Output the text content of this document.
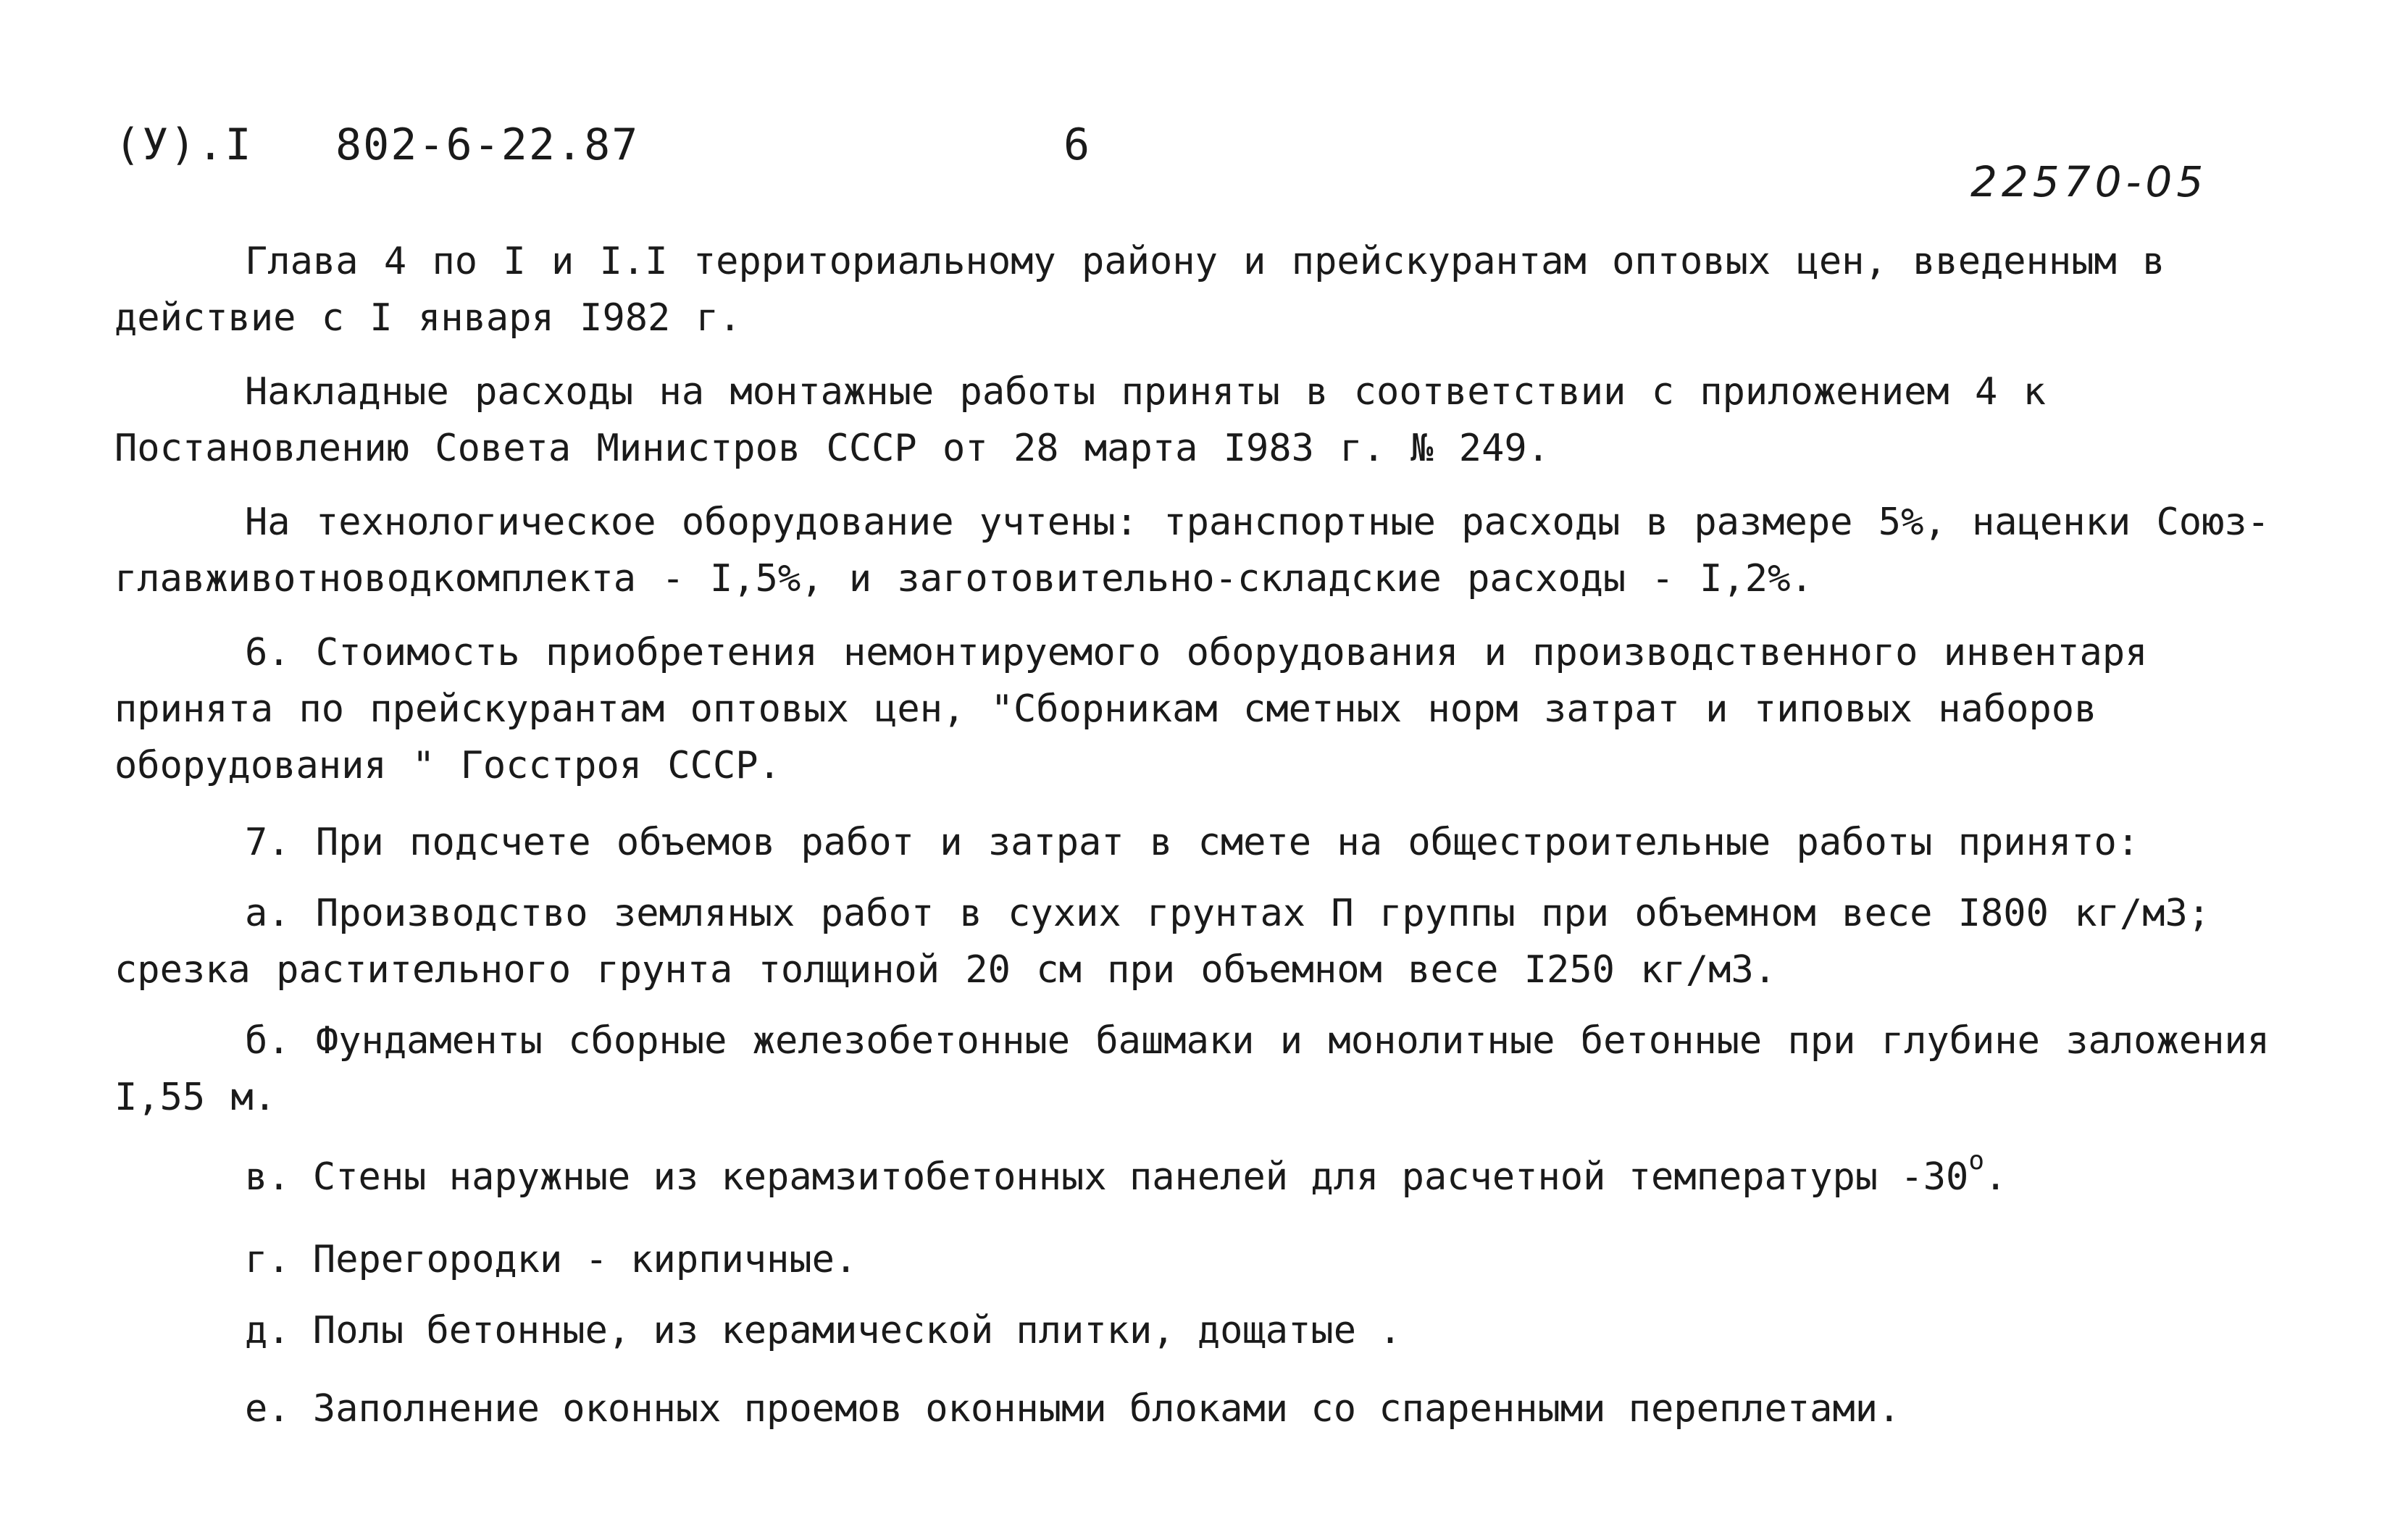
(У).I   802-6-22.87	6
22570-05
Глава 4 по I и I.I территориальному району и прейскурантам оптовых цен, введенным в действие с I января I982 г.
Накладные расходы на монтажные работы приняты в соответствии с приложением 4 к Постановлению Совета Министров СССР от 28 марта I983 г. № 249.
На технологическое оборудование учтены: транспортные расходы в размере 5%, наценки Союз-главживотноводкомплекта - I,5%, и заготовительно-складские расходы - I,2%.
6. Стоимость приобретения немонтируемого оборудования и производственного инвентаря принята по прейскурантам оптовых цен, "Сборникам сметных норм затрат и типовых наборов оборудования " Госстроя СССР.
7. При подсчете объемов работ и затрат в смете на общестроительные работы принято:
а. Производство земляных работ в сухих грунтах П группы при объемном весе I800 кг/м3; срезка растительного грунта толщиной 20 см при объемном весе I250 кг/м3.
б. Фундаменты сборные железобетонные башмаки и монолитные бетонные при глубине заложения I,55 м.
в. Стены наружные из керамзитобетонных панелей для расчетной температуры $-30^о$.
г. Перегородки - кирпичные.
д. Полы бетонные, из керамической плитки, дощатые .
е. Заполнение оконных проемов оконными блоками со спаренными переплетами.
